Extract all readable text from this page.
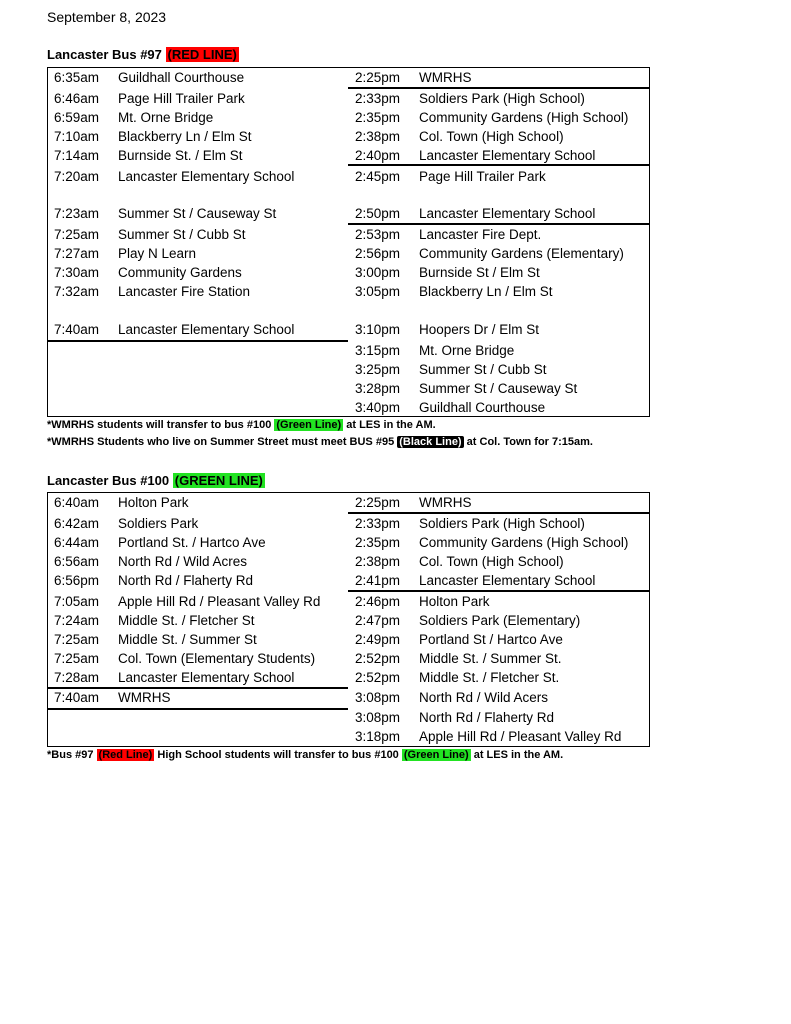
September 8, 2023
Lancaster Bus #97 (RED LINE)
6:35am Guildhall Courthouse
6:46am Page Hill Trailer Park
6:59am Mt. Orne Bridge
7:10am Blackberry Ln / Elm St
7:14am Burnside St. / Elm St
7:20am Lancaster Elementary School
7:23am Summer St / Causeway St
7:25am Summer St / Cubb St
7:27am Play N Learn
7:30am Community Gardens
7:32am Lancaster Fire Station
7:40am Lancaster Elementary School
2:25pm WMRHS
2:33pm Soldiers Park (High School)
2:35pm Community Gardens (High School)
2:38pm Col. Town (High School)
2:40pm Lancaster Elementary School
2:45pm Page Hill Trailer Park
2:50pm Lancaster Elementary School
2:53pm Lancaster Fire Dept.
2:56pm Community Gardens (Elementary)
3:00pm Burnside St / Elm St
3:05pm Blackberry Ln / Elm St
3:10pm Hoopers Dr / Elm St
3:15pm Mt. Orne Bridge
3:25pm Summer St / Cubb St
3:28pm Summer St / Causeway St
3:40pm Guildhall Courthouse
*WMRHS students will transfer to bus #100 (Green Line) at LES in the AM.
*WMRHS Students who live on Summer Street must meet BUS #95 (Black Line) at Col. Town for 7:15am.
Lancaster Bus #100 (GREEN LINE)
6:40am Holton Park
6:42am Soldiers Park
6:44am Portland St. / Hartco Ave
6:56am North Rd / Wild Acres
6:56pm North Rd / Flaherty Rd
7:05am Apple Hill Rd / Pleasant Valley Rd
7:24am Middle St. / Fletcher St
7:25am Middle St. / Summer St
7:25am Col. Town (Elementary Students)
7:28am Lancaster Elementary School
7:40am WMRHS
2:25pm WMRHS
2:33pm Soldiers Park (High School)
2:35pm Community Gardens (High School)
2:38pm Col. Town (High School)
2:41pm Lancaster Elementary School
2:46pm Holton Park
2:47pm Soldiers Park (Elementary)
2:49pm Portland St / Hartco Ave
2:52pm Middle St. / Summer St.
2:52pm Middle St. / Fletcher St.
3:08pm North Rd / Wild Acers
3:08pm North Rd / Flaherty Rd
3:18pm Apple Hill Rd / Pleasant Valley Rd
*Bus #97 (Red Line) High School students will transfer to bus #100 (Green Line) at LES in the AM.
